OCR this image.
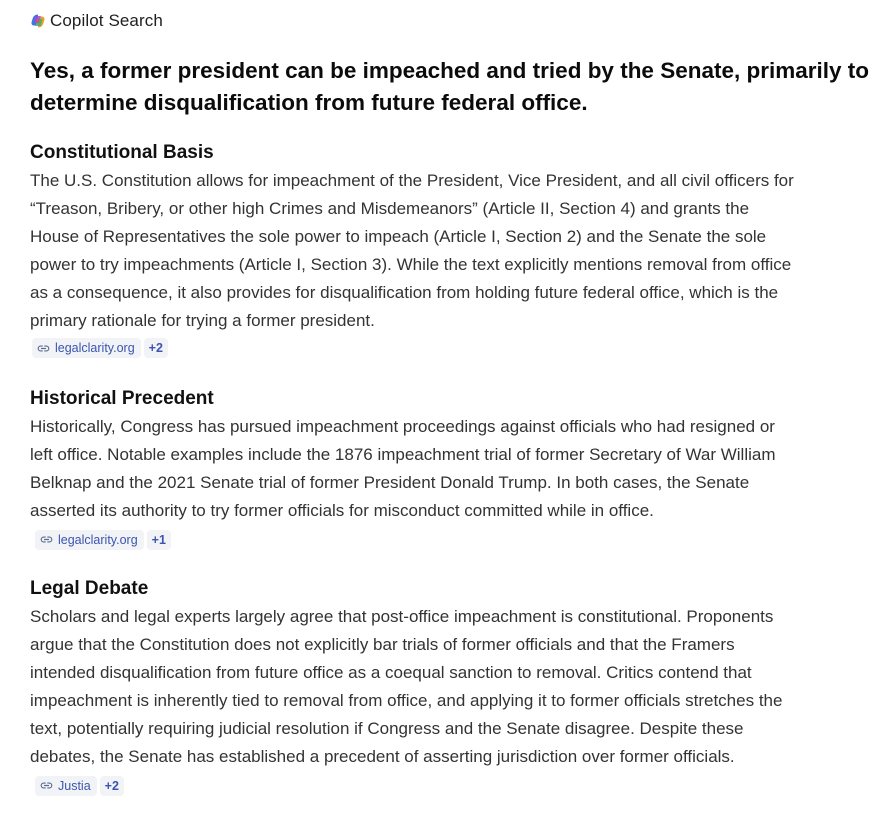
Copilot Search
Yes, a former president can be impeached and tried by the Senate, primarily to determine disqualification from future federal office.
Constitutional Basis

The U.S. Constitution allows for impeachment of the President, Vice President, and all civil officers for “Treason, Bribery, or other high Crimes and Misdemeanors” (Article II, Section 4) and grants the House of Representatives the sole power to impeach (Article I, Section 2) and the Senate the sole power to try impeachments (Article I, Section 3). While the text explicitly mentions removal from office as a consequence, it also provides for disqualification from holding future federal office, which is the primary rationale for trying a former president.

legalclarity.org	+2
Historical Precedent

Historically, Congress has pursued impeachment proceedings against officials who had resigned or left office. Notable examples include the 1876 impeachment trial of former Secretary of War William Belknap and the 2021 Senate trial of former President Donald Trump. In both cases, the Senate asserted its authority to try former officials for misconduct committed while in office.
legalclarity.org	+1

Legal Debate

Scholars and legal experts largely agree that post-office impeachment is constitutional. Proponents argue that the Constitution does not explicitly bar trials of former officials and that the Framers intended disqualification from future office as a coequal sanction to removal. Critics contend that impeachment is inherently tied to removal from office, and applying it to former officials stretches the text, potentially requiring judicial resolution if Congress and the Senate disagree. Despite these debates, the Senate has established a precedent of asserting jurisdiction over former officials.
Justia	+2
